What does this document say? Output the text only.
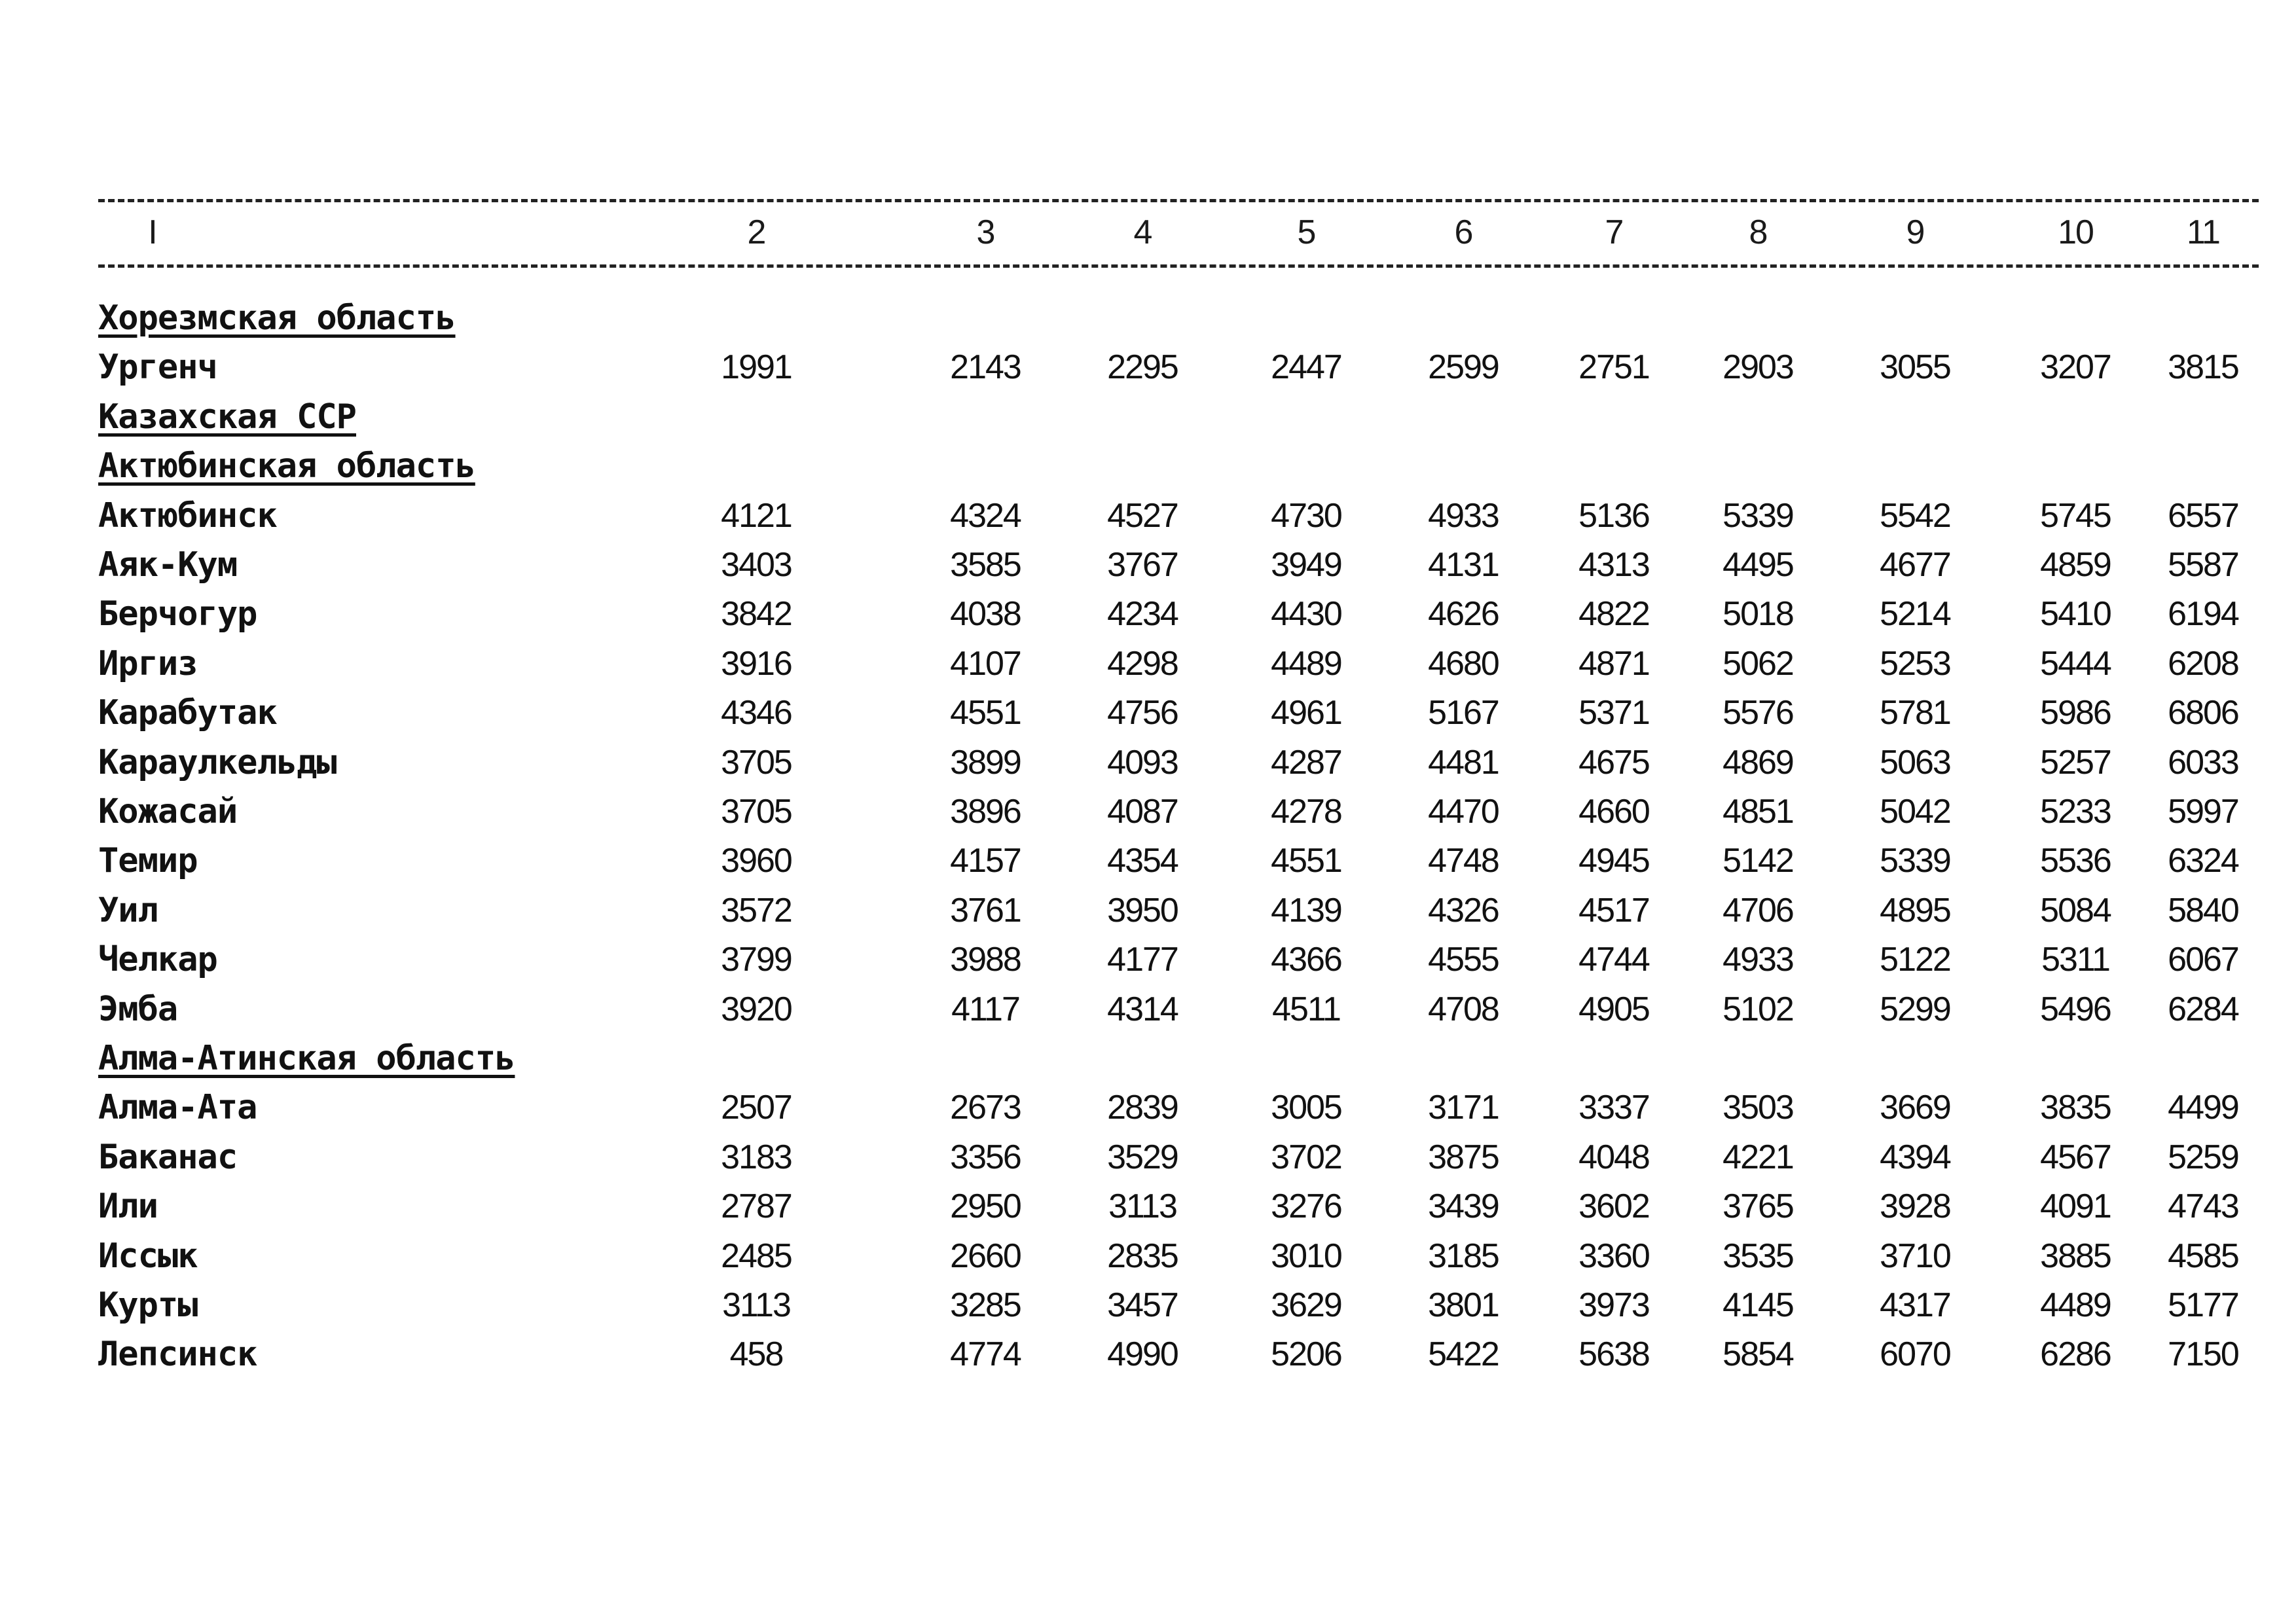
I	2	3	4	5	6	7	8	9	10	11
Хорезмская область
Ургенч	1991	2143	2295	2447	2599	2751	2903	3055	3207	3815
Казахская ССР
Актюбинская область
Актюбинск	4121	4324	4527	4730	4933	5136	5339	5542	5745	6557
Аяк-Кум	3403	3585	3767	3949	4131	4313	4495	4677	4859	5587
Берчогур	3842	4038	4234	4430	4626	4822	5018	5214	5410	6194
Иргиз	3916	4107	4298	4489	4680	4871	5062	5253	5444	6208
Карабутак	4346	4551	4756	4961	5167	5371	5576	5781	5986	6806
Караулкельды	3705	3899	4093	4287	4481	4675	4869	5063	5257	6033
Кожасай	3705	3896	4087	4278	4470	4660	4851	5042	5233	5997
Темир	3960	4157	4354	4551	4748	4945	5142	5339	5536	6324
Уил	3572	3761	3950	4139	4326	4517	4706	4895	5084	5840
Челкар	3799	3988	4177	4366	4555	4744	4933	5122	5311	6067
Эмба	3920	4117	4314	4511	4708	4905	5102	5299	5496	6284
Алма-Атинская область
Алма-Ата	2507	2673	2839	3005	3171	3337	3503	3669	3835	4499
Баканас	3183	3356	3529	3702	3875	4048	4221	4394	4567	5259
Или	2787	2950	3113	3276	3439	3602	3765	3928	4091	4743
Иссык	2485	2660	2835	3010	3185	3360	3535	3710	3885	4585
Курты	3113	3285	3457	3629	3801	3973	4145	4317	4489	5177
Лепсинск	458	4774	4990	5206	5422	5638	5854	6070	6286	7150
